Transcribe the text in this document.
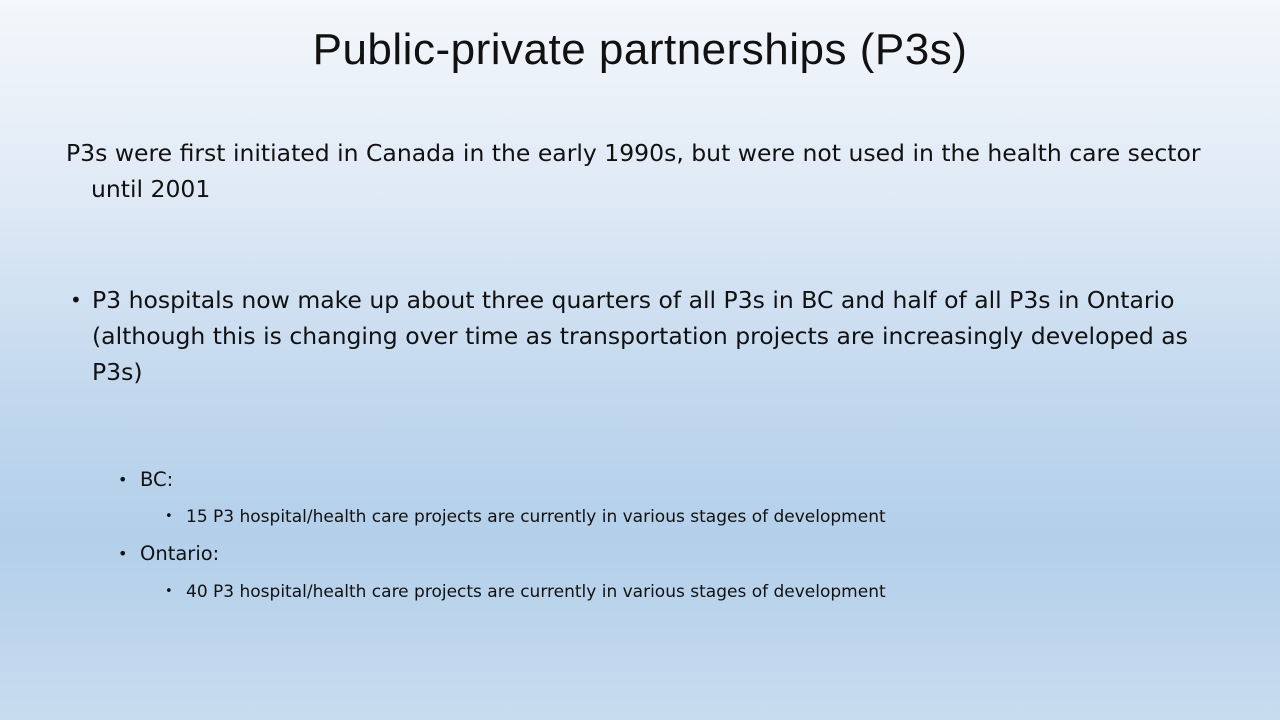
Public-private partnerships (P3s)
P3s were first initiated in Canada in the early 1990s, but were not used in the health care sector until 2001
• P3 hospitals now make up about three quarters of all P3s in BC and half of all P3s in Ontario (although this is changing over time as transportation projects are increasingly developed as P3s)
• BC:
• 15 P3 hospital/health care projects are currently in various stages of development
• Ontario:
• 40 P3 hospital/health care projects are currently in various stages of development
